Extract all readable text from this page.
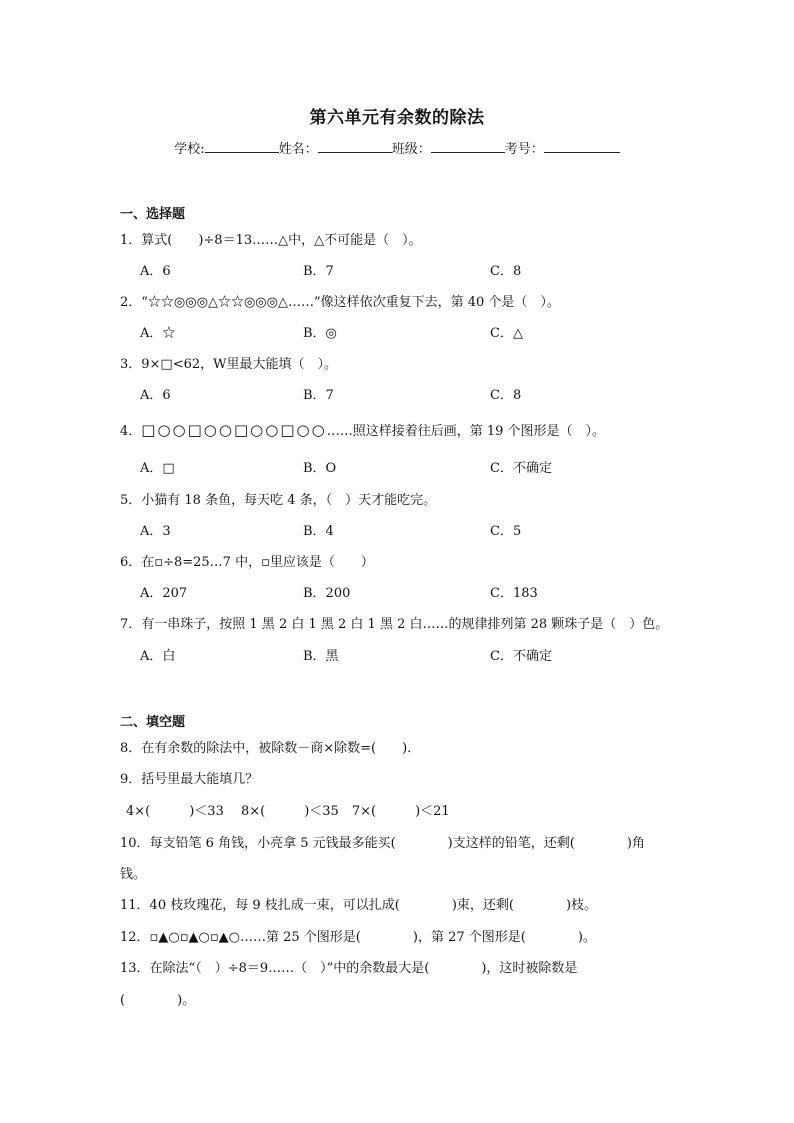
第六单元有余数的除法
学校:	姓名：	班级：	考号：
一、选择题
1．算式(　　)÷8＝13……△中，△不可能是（　）。
A．6	B．7	C．8
2．“☆☆◎◎◎△☆☆◎◎◎△……”像这样依次重复下去，第 40 个是（　）。
A．☆	B．◎	C．△
3．9×□<62，W里最大能填（　）。
A．6	B．7	C．8
4．□○○□○○□○○□○○……照这样接着往后画，第 19 个图形是（　）。
A．□	B．O	C．不确定
5．小猫有 18 条鱼，每天吃 4 条，（　）天才能吃完。
A．3	B．4	C．5
6．在▫÷8=25…7 中，▫里应该是（　　）
A．207	B．200	C．183
7．有一串珠子，按照 1 黑 2 白 1 黑 2 白 1 黑 2 白……的规律排列第 28 颗珠子是（　）色。
A．白	B．黑	C．不确定
二、填空题
8．在有余数的除法中，被除数－商×除数=(　　)．
9．括号里最大能填几？
4×(　　　)＜33　 8×(　　　)＜35　7×(　　　)＜21
10．每支铅笔 6 角钱，小亮拿 5 元钱最多能买(　　　　)支这样的铅笔，还剩(　　　　)角
钱。
11．40 枝玫瑰花，每 9 枝扎成一束，可以扎成(　　　　)束，还剩(　　　　)枝。
12．▫▲○▫▲○▫▲○……第 25 个图形是(　　　　)，第 27 个图形是(　　　　)。
13．在除法“（　）÷8＝9……（　）”中的余数最大是(　　　　)，这时被除数是
(　　　　)。
